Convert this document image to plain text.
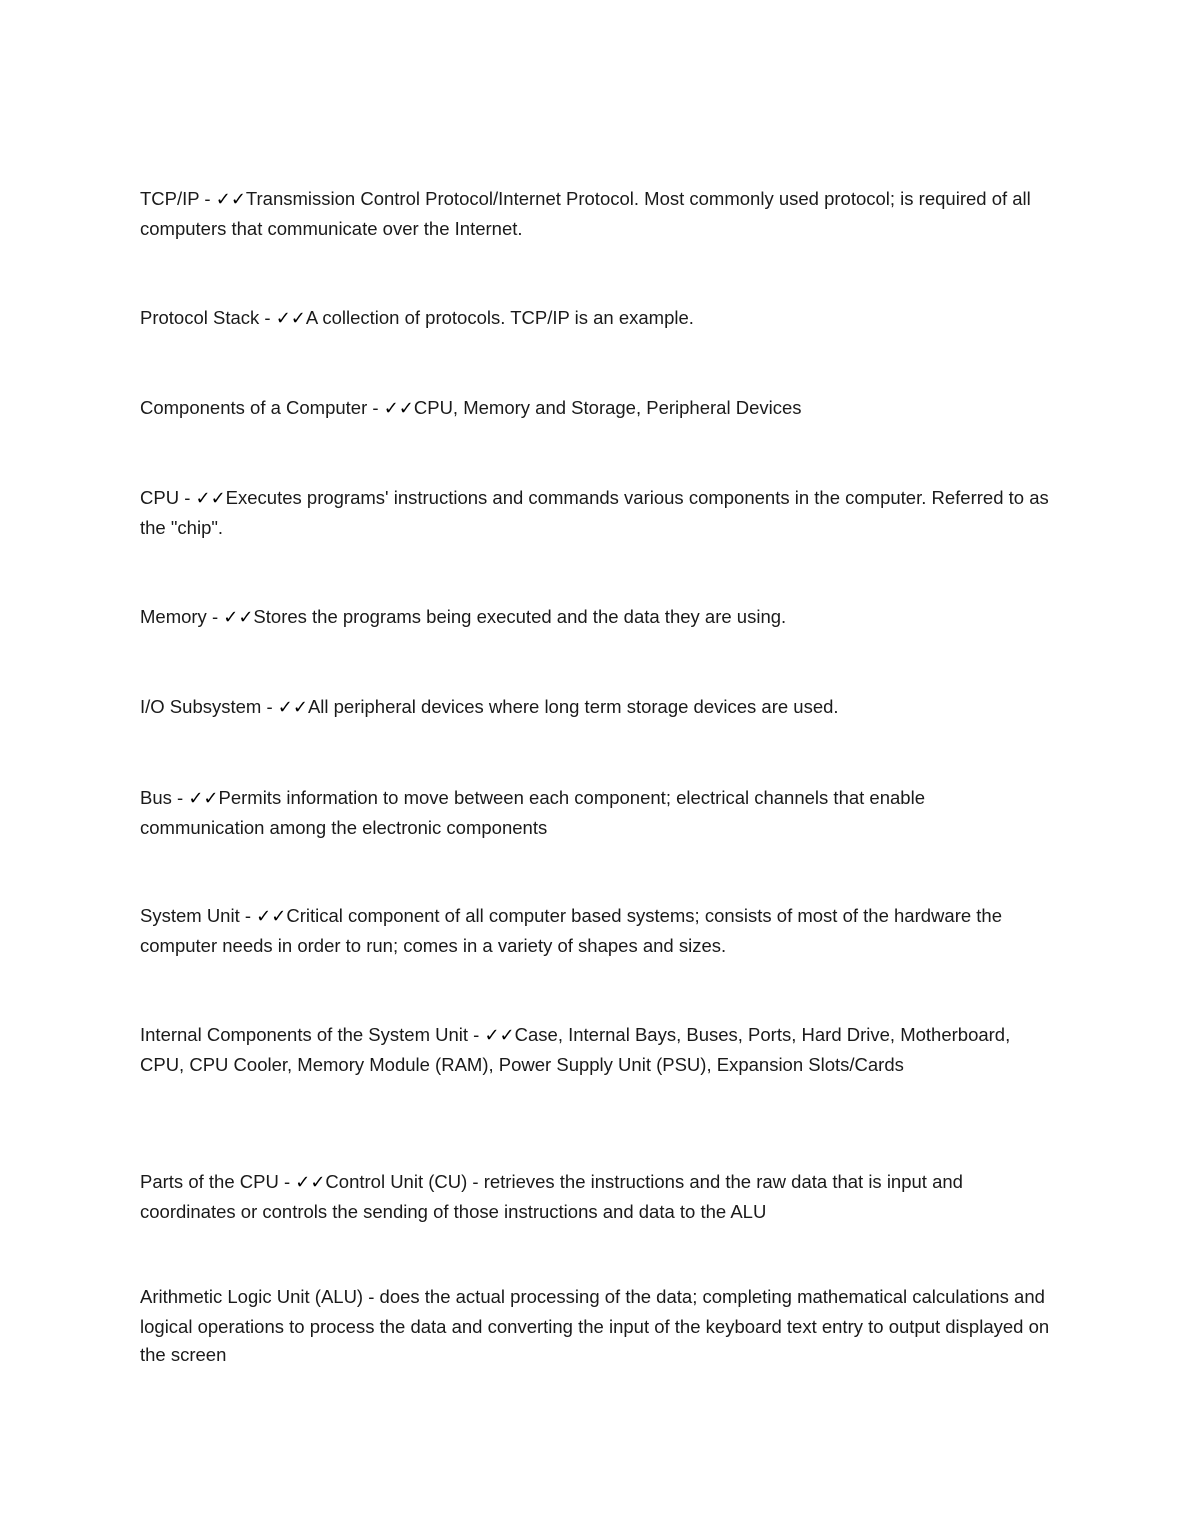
TCP/IP - ✓✓Transmission Control Protocol/Internet Protocol. Most commonly used protocol; is required of all computers that communicate over the Internet.

Protocol Stack - ✓✓A collection of protocols. TCP/IP is an example.

Components of a Computer - ✓✓CPU, Memory and Storage, Peripheral Devices

CPU - ✓✓Executes programs' instructions and commands various components in the computer. Referred to as the "chip".

Memory - ✓✓Stores the programs being executed and the data they are using.

I/O Subsystem - ✓✓All peripheral devices where long term storage devices are used.

Bus - ✓✓Permits information to move between each component; electrical channels that enable communication among the electronic components

System Unit - ✓✓Critical component of all computer based systems; consists of most of the hardware the computer needs in order to run; comes in a variety of shapes and sizes.

Internal Components of the System Unit - ✓✓Case, Internal Bays, Buses, Ports, Hard Drive, Motherboard, CPU, CPU Cooler, Memory Module (RAM), Power Supply Unit (PSU), Expansion Slots/Cards

Parts of the CPU - ✓✓Control Unit (CU) - retrieves the instructions and the raw data that is input and coordinates or controls the sending of those instructions and data to the ALU

Arithmetic Logic Unit (ALU) - does the actual processing of the data; completing mathematical calculations and logical operations to process the data and converting the input of the keyboard text entry to output displayed on the screen
